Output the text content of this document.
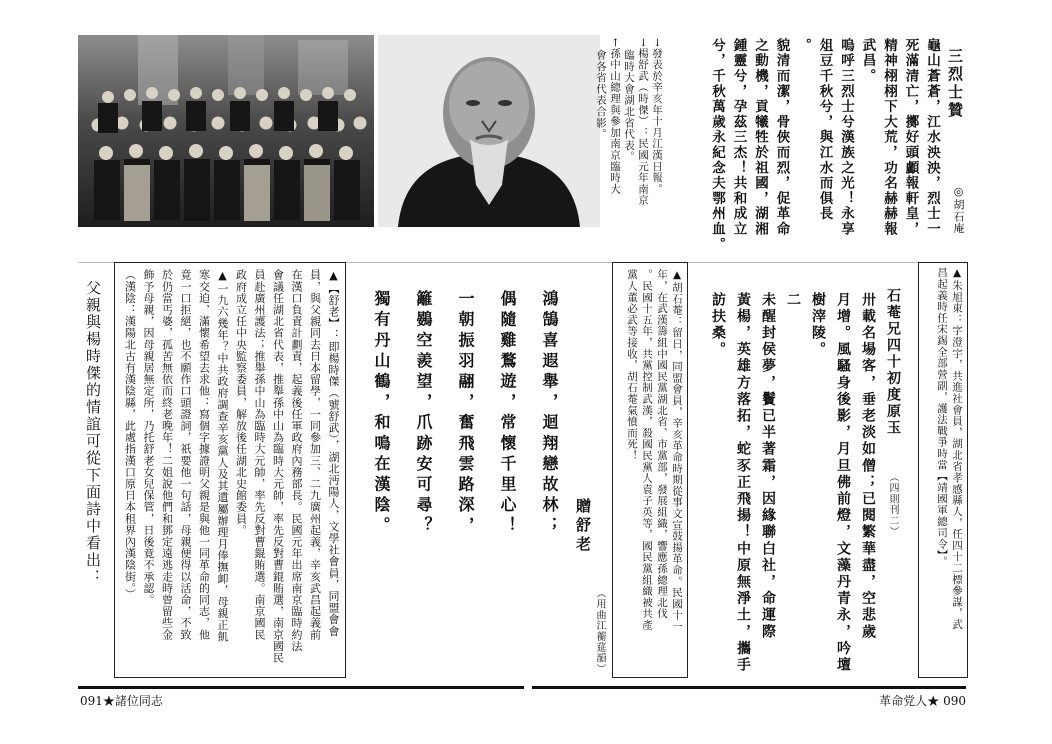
→發表於辛亥年十月江漢日報。
→楊舒武（時傑）：民國元年南京
　臨時大會湖北省代表。
←孫中山總理與參加南京臨時大
　會各省代表合影。	三烈士贊
◎胡石庵
龜山蒼蒼，江水泱泱，烈士一
死滿清亡，擲好頭顱報軒皇，
精神栩栩下大荒，功名赫赫報
武昌。
嗚呼三烈士兮漢族之光！永享
俎豆千秋兮，與江水而俱長
。
貌清而潔，骨俠而烈，促革命
之動機，貢犧牲於祖國，湖湘
鍾靈兮，孕茲三杰！共和成立
兮，千秋萬歲永紀念夫鄂州血。
▲朱旭東：字澄宇，共進社會員，湖北省孝感縣人，任四十二標參謀，武
昌起義時任宋錫全部營副，護法戰爭時當【靖國軍總司令】。
石菴兄四十初度原玉
（四則刊二）
卅載名場客，垂老淡如僧；已閱繁華盡，空悲歲
月增。風騷身後影，月旦佛前燈，文藻丹青永，吟壇
樹滓陵。
二
未醒封侯夢，鬢已半著霜，因緣聯白社，命運際
黃楊，英雄方落拓，蛇豕正飛揚！中原無淨土，攜手
訪扶桑。
▲胡石菴：留日，同盟會員，辛亥革命時期從事文宣鼓揚革命。民國十一
年，在武漢籌組中國民黨湖北省、市黨部，發展組織，響應孫總理北伐
。民國十五年，共黨控制武漢，殺國民黨人袁子英等，國民黨組織被共產
黨人董必武等接收，胡石菴氣憤而死！
贈舒老
（用曲江蘅莚韻）
鴻鵠喜遐舉，迴翔戀故林；
偶隨雞鶩遊，常懷千里心！
一朝振羽翮，奮飛雲路深，
籬鷃空羨望，爪跡安可尋？
獨有丹山鶴，和鳴在漢陰。
▲【舒老】：即楊時傑（號舒武），湖北沔陽人，文學社會員，同盟會會
員，與父親同去日本留學，一同參加三、二九廣州起義，辛亥武昌起義前
在漢口負責計劃責，起義後任軍政府內務部長。民國元年出席南京臨時約法
會議任湖北省代表，推舉孫中山為臨時大元帥，率先反對曹錕賄選，南京國民
員赴廣州護法；推舉孫中山為臨時大元帥，率先反對曹錕賄選。南京國民
政府成立任中央監察委員，解放後任湖北史館委員。
▲一九六幾年？中共政府調查辛亥黨人及其遺屬辦理月俸撫卹，母親正飢
寒交迫，滿懷希望去求他：寫個字據證明父親是與他一同革命的同志，他
竟一口拒絕，也不願作口頭證詞，祇要他一句話，母親便得以活命，不致
於仍當丐婆，孤苦無依而終老晚年！二姐說他們和鄧定遠逃走時曾留些金
飾予母親，因母親居無定所，乃托舒老女兒保管，日後竟不承認。
（漢陰：漢陽北古有漢陰縣，此處指漢口原日本租界內漢陰街。）
父親與楊時傑的情誼可從下面詩中看出：
091★諸位同志	革命党人★ 090
